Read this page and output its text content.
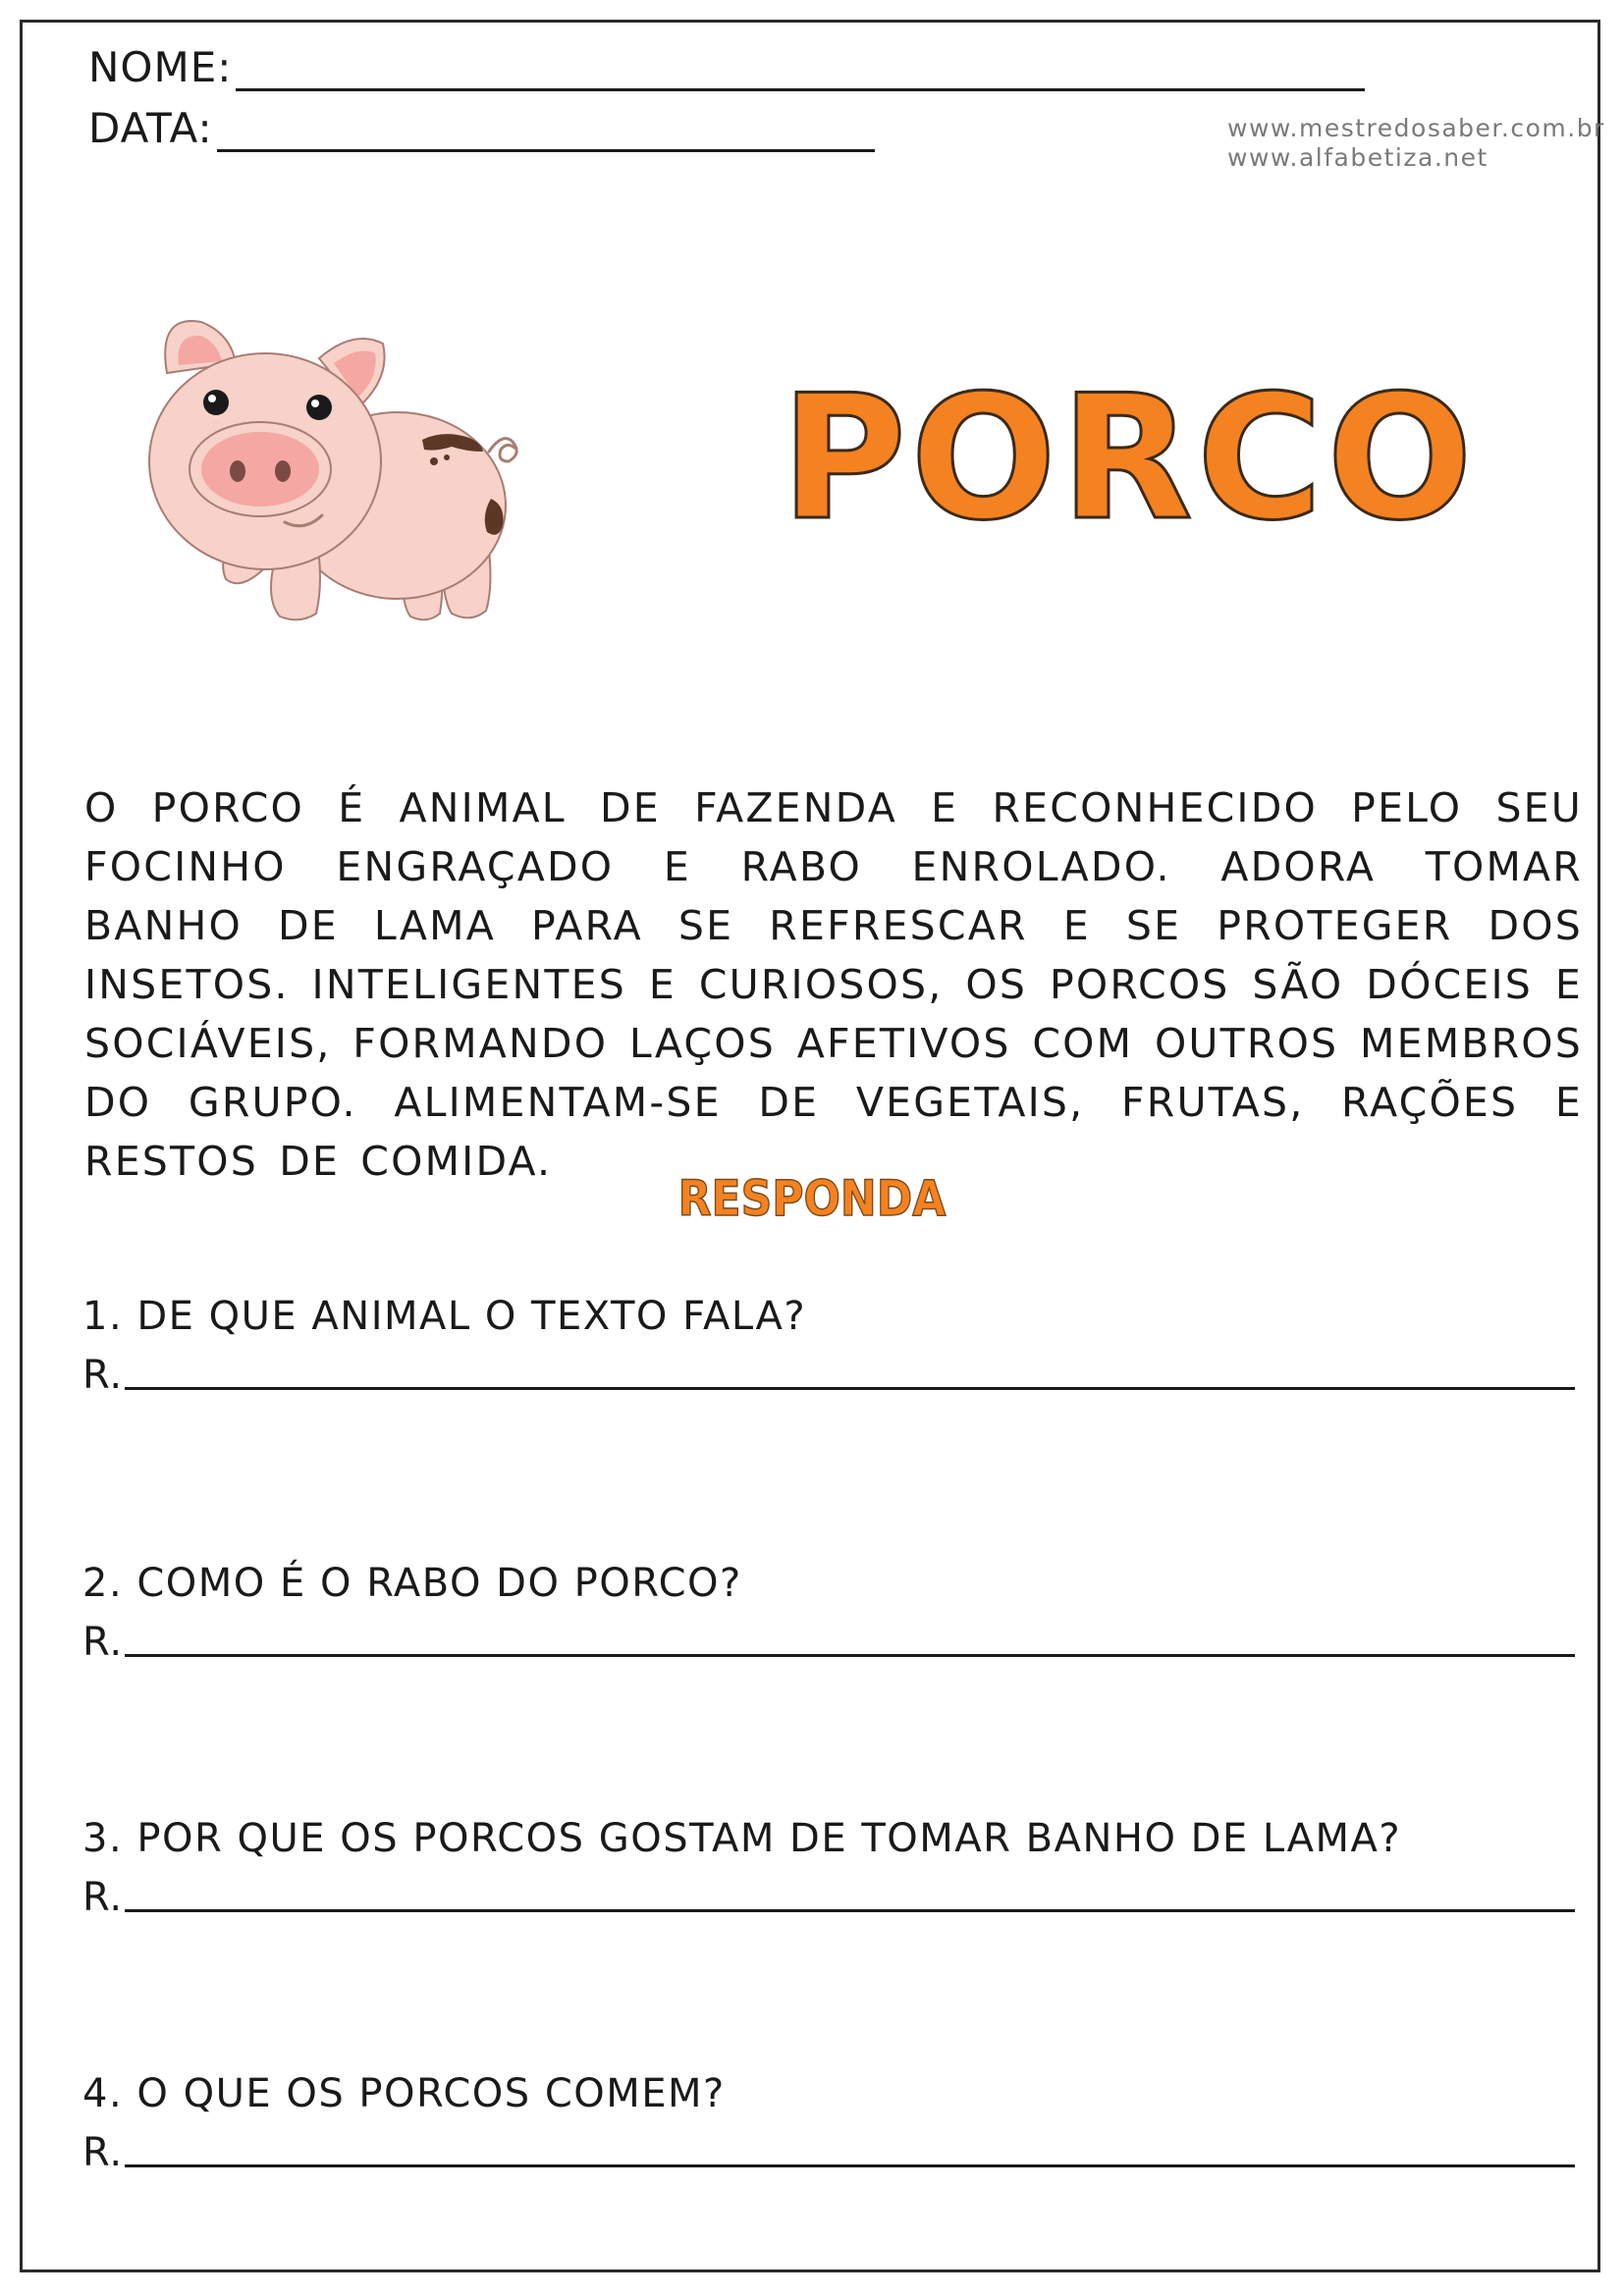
NOME:
DATA:	www.mestredosaber.com.br
www.alfabetiza.net
PORCO

O PORCO É ANIMAL DE FAZENDA E RECONHECIDO PELO SEU FOCINHO ENGRAÇADO E RABO ENROLADO. ADORA TOMAR BANHO DE LAMA PARA SE REFRESCAR E SE PROTEGER DOS INSETOS. INTELIGENTES E CURIOSOS, OS PORCOS SÃO DÓCEIS E SOCIÁVEIS, FORMANDO LAÇOS AFETIVOS COM OUTROS MEMBROS DO GRUPO. ALIMENTAM-SE DE VEGETAIS, FRUTAS, RAÇÕES E RESTOS DE COMIDA.

RESPONDA
1. DE QUE ANIMAL O TEXTO FALA?
R.
2. COMO É O RABO DO PORCO?
R.
3. POR QUE OS PORCOS GOSTAM DE TOMAR BANHO DE LAMA?
R.
4. O QUE OS PORCOS COMEM?
R.
